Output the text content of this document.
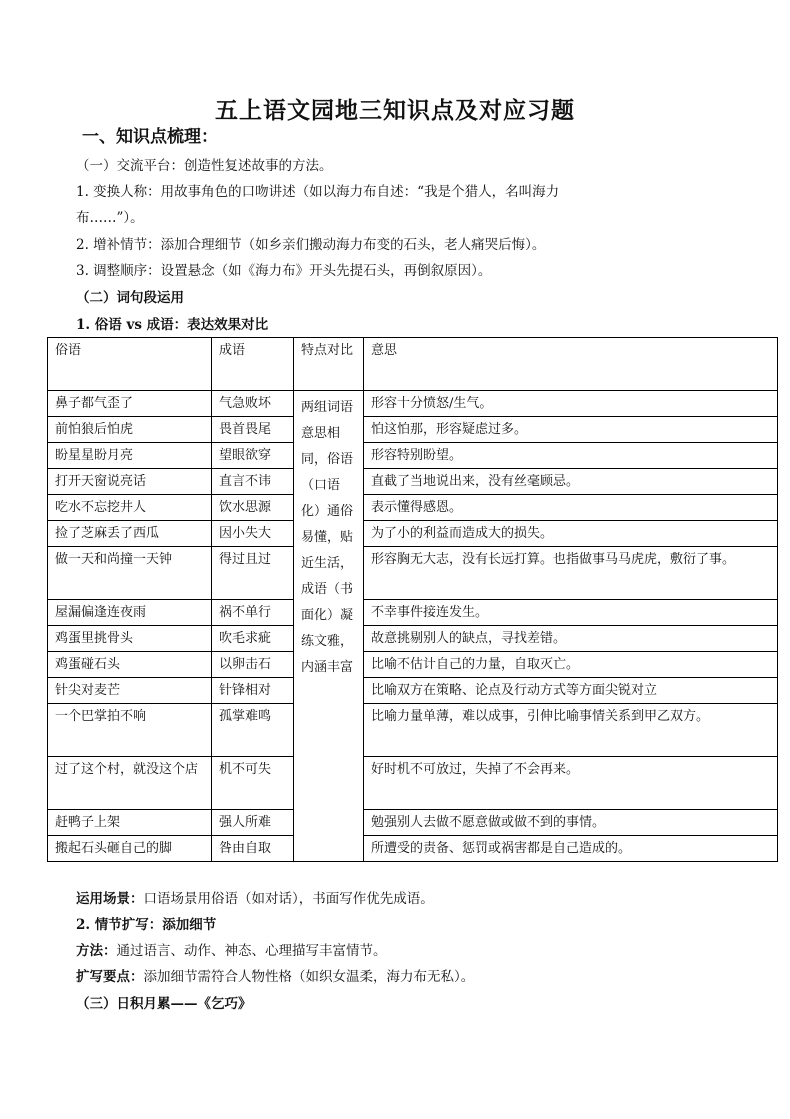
五上语文园地三知识点及对应习题
一、知识点梳理：
（一）交流平台：创造性复述故事的方法。
1. 变换人称：用故事角色的口吻讲述（如以海力布自述：“我是个猎人，名叫海力
布……”）。
2. 增补情节：添加合理细节（如乡亲们搬动海力布变的石头，老人痛哭后悔）。
3. 调整顺序：设置悬念（如《海力布》开头先提石头，再倒叙原因）。
（二）词句段运用
1. 俗语 vs 成语：表达效果对比
俗语	成语	特点对比	意思
鼻子都气歪了	气急败坏	两组词语意思相同，俗语（口语化）通俗易懂，贴近生活，成语（书面化）凝练文雅，内涵丰富	形容十分愤怒/生气。
前怕狼后怕虎	畏首畏尾		怕这怕那，形容疑虑过多。
盼星星盼月亮	望眼欲穿		形容特别盼望。
打开天窗说亮话	直言不讳		直截了当地说出来，没有丝毫顾忌。
吃水不忘挖井人	饮水思源		表示懂得感恩。
捡了芝麻丢了西瓜	因小失大		为了小的利益而造成大的损失。
做一天和尚撞一天钟	得过且过		形容胸无大志，没有长远打算。也指做事马马虎虎，敷衍了事。
屋漏偏逢连夜雨	祸不单行		不幸事件接连发生。
鸡蛋里挑骨头	吹毛求疵		故意挑剔别人的缺点，寻找差错。
鸡蛋碰石头	以卵击石		比喻不估计自己的力量，自取灭亡。
针尖对麦芒	针锋相对		比喻双方在策略、论点及行动方式等方面尖锐对立
一个巴掌拍不响	孤掌难鸣		比喻力量单薄，难以成事，引伸比喻事情关系到甲乙双方。
过了这个村，就没这个店	机不可失		好时机不可放过，失掉了不会再来。
赶鸭子上架	强人所难		勉强别人去做不愿意做或做不到的事情。
搬起石头砸自己的脚	咎由自取		所遭受的责备、惩罚或祸害都是自己造成的。
运用场景：口语场景用俗语（如对话），书面写作优先成语。
2. 情节扩写：添加细节
方法：通过语言、动作、神态、心理描写丰富情节。
扩写要点：添加细节需符合人物性格（如织女温柔，海力布无私）。
（三）日积月累——《乞巧》
